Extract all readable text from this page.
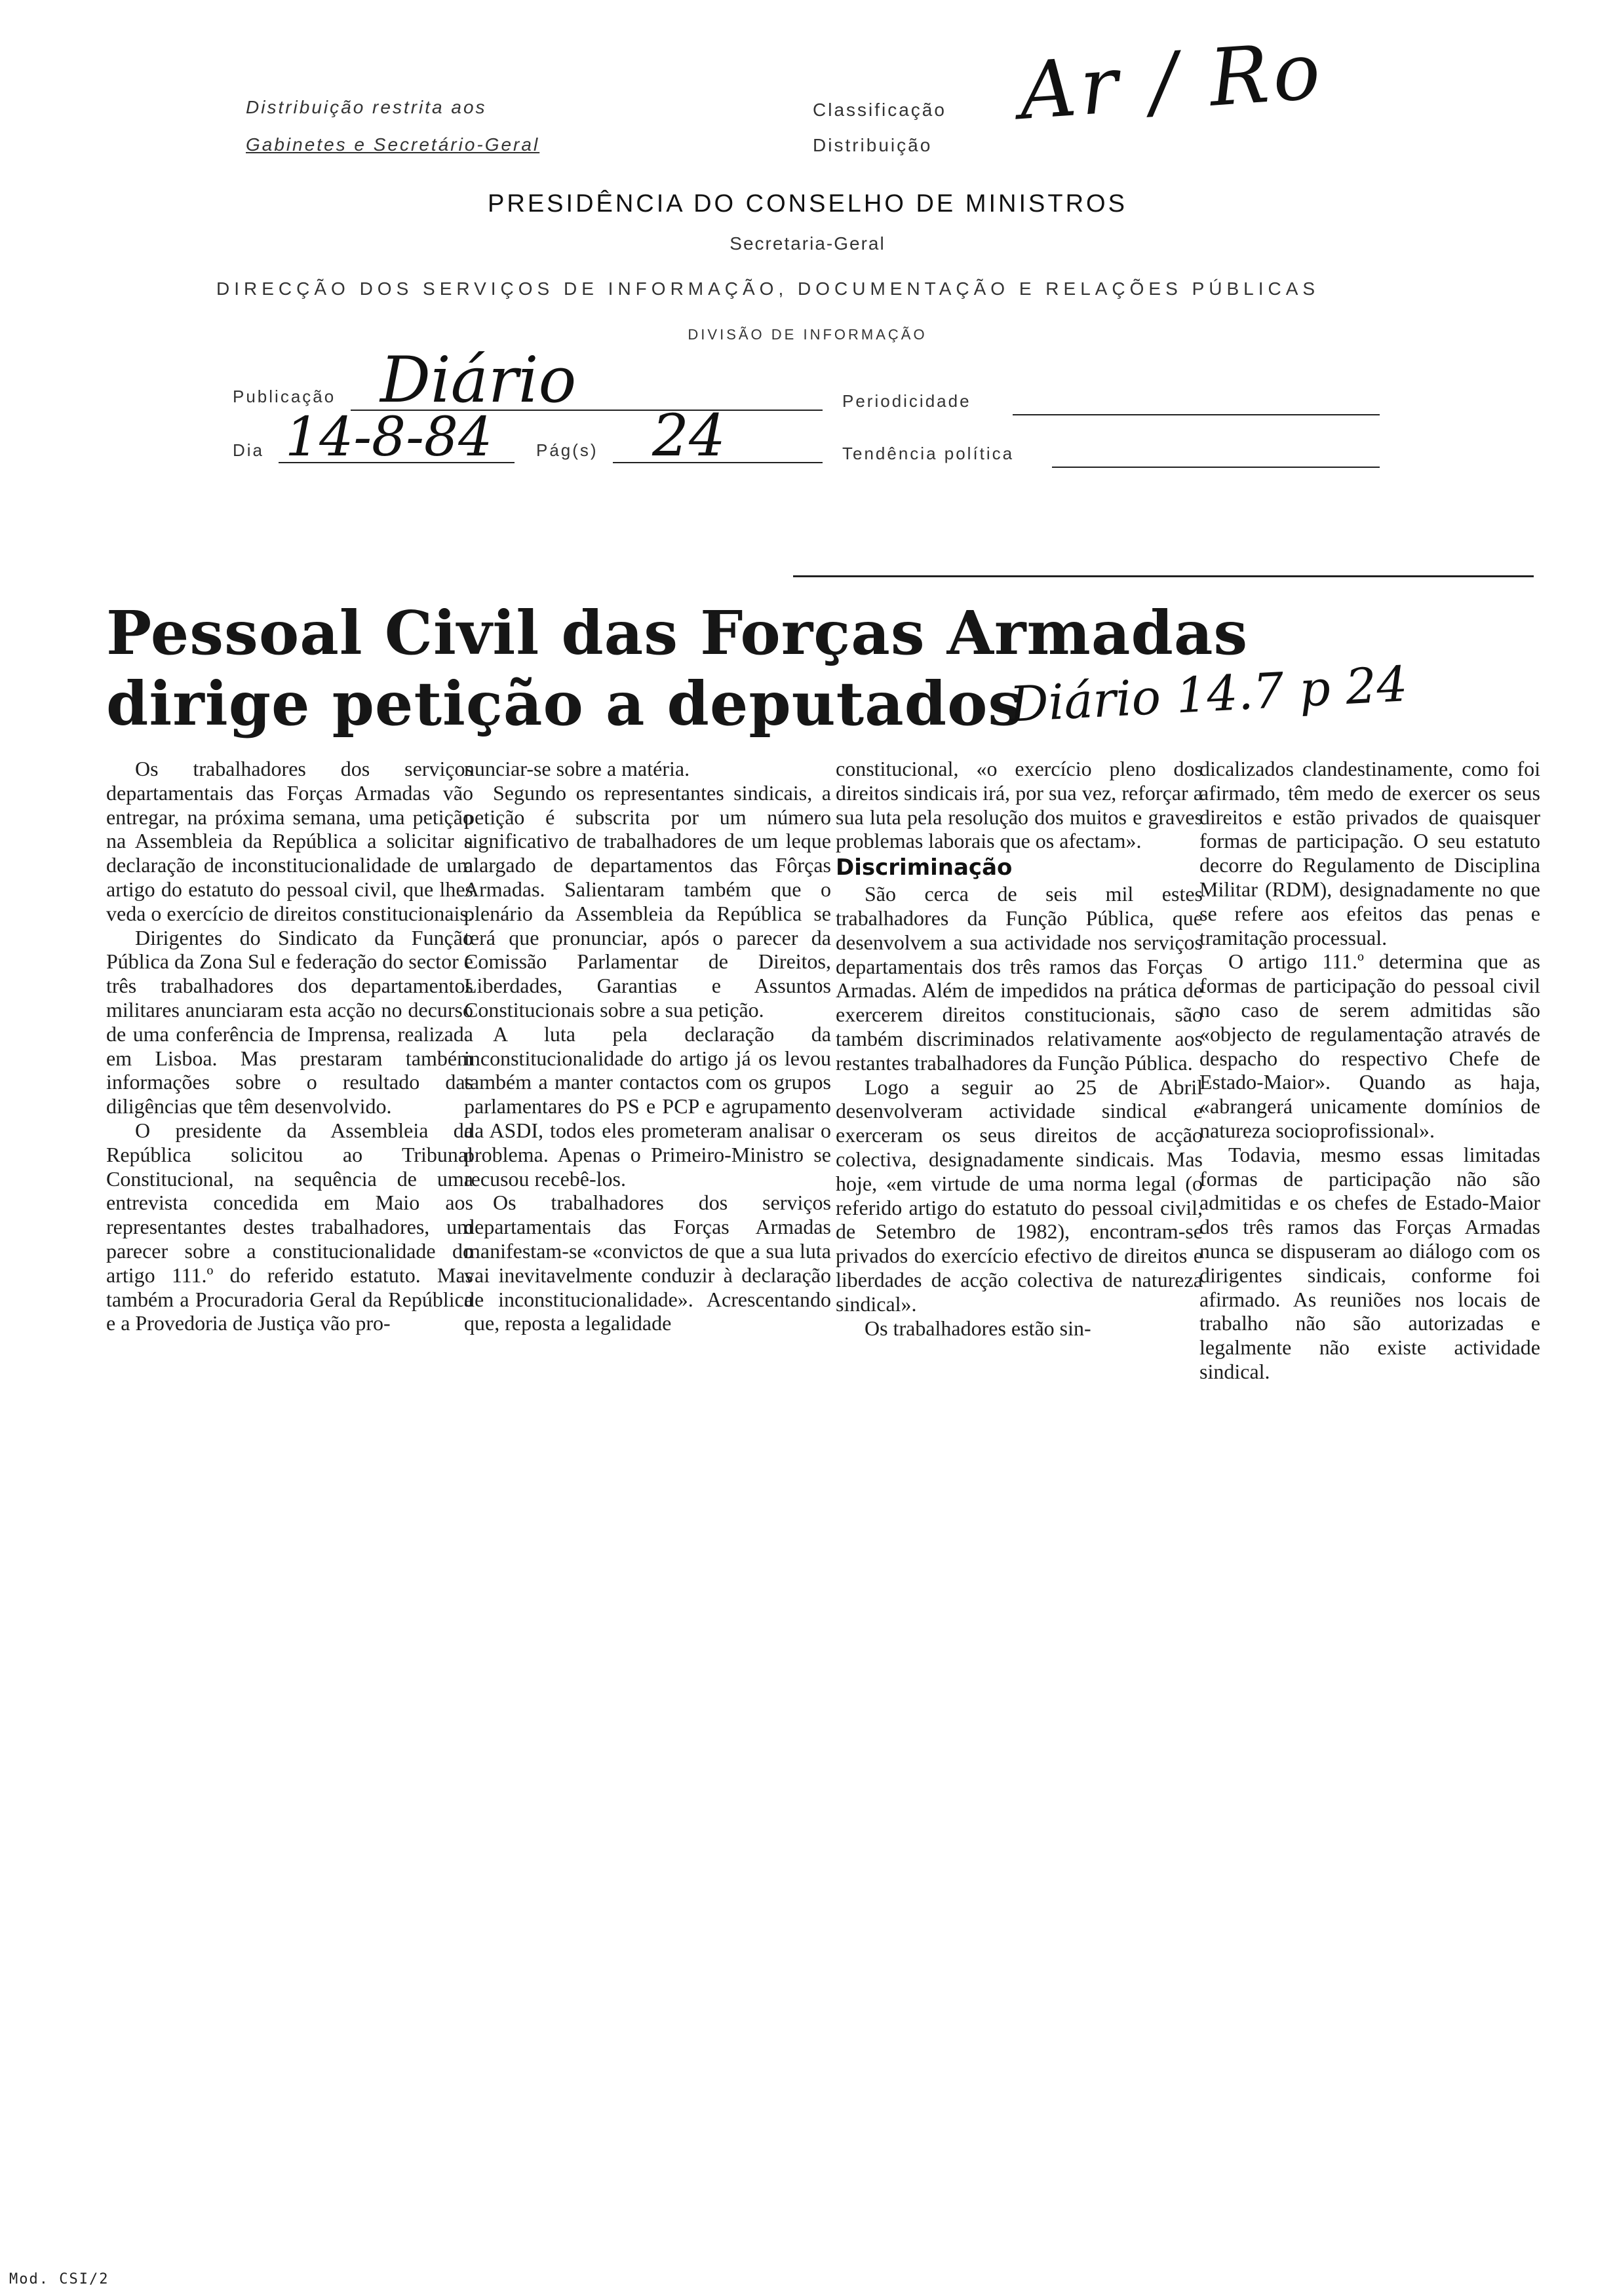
Distribuição restrita aos
Gabinetes e Secretário-Geral
Classificação
Distribuição
Ar / Ro
PRESIDÊNCIA DO CONSELHO DE MINISTROS
Secretaria-Geral
DIRECÇÃO DOS SERVIÇOS DE INFORMAÇÃO, DOCUMENTAÇÃO E RELAÇÕES PÚBLICAS
DIVISÃO DE INFORMAÇÃO
Publicação Diário	Periodicidade
Dia 14-8-84	Pág(s) 24	Tendência política
Pessoal Civil das Forças Armadas
dirige petição a deputados
Diário 14.7 p 24

Os trabalhadores dos serviços departamentais das Forças Armadas vão entregar, na próxima semana, uma petição na Assembleia da República a solicitar a declaração de inconstitucionalidade de um artigo do estatuto do pessoal civil, que lhes veda o exercício de direitos constitucionais.

Dirigentes do Sindicato da Função Pública da Zona Sul e federação do sector e três trabalhadores dos departamentos militares anunciaram esta acção no decurso de uma conferência de Imprensa, realizada em Lisboa. Mas prestaram também informações sobre o resultado das diligências que têm desenvolvido.

O presidente da Assembleia da República solicitou ao Tribunal Constitucional, na sequência de uma entrevista concedida em Maio aos representantes destes trabalhadores, um parecer sobre a constitucionalidade do artigo 111.º do referido estatuto. Mas também a Procuradoria Geral da República e a Provedoria de Justiça vão pro-

nunciar-se sobre a matéria.

Segundo os representantes sindicais, a petição é subscrita por um número significativo de trabalhadores de um leque alargado de departamentos das Fôrças Armadas. Salientaram também que o plenário da Assembleia da República se terá que pronunciar, após o parecer da Comissão Parlamentar de Direitos, Liberdades, Garantias e Assuntos Constitucionais sobre a sua petição.

A luta pela declaração da inconstitucionalidade do artigo já os levou também a manter contactos com os grupos parlamentares do PS e PCP e agrupamento da ASDI, todos eles prometeram analisar o problema. Apenas o Primeiro-Ministro se recusou recebê-los.

Os trabalhadores dos serviços departamentais das Forças Armadas manifestam-se «convictos de que a sua luta vai inevitavelmente conduzir à declaração de inconstitucionalidade». Acrescentando que, reposta a legalidade

constitucional, «o exercício pleno dos direitos sindicais irá, por sua vez, reforçar a sua luta pela resolução dos muitos e graves problemas laborais que os afectam».

Discriminação

São cerca de seis mil estes trabalhadores da Função Pública, que desenvolvem a sua actividade nos serviços departamentais dos três ramos das Forças Armadas. Além de impedidos na prática de exercerem direitos constitucionais, são também discriminados relativamente aos restantes trabalhadores da Função Pública.

Logo a seguir ao 25 de Abril desenvolveram actividade sindical e exerceram os seus direitos de acção colectiva, designadamente sindicais. Mas hoje, «em virtude de uma norma legal (o referido artigo do estatuto do pessoal civil, de Setembro de 1982), encontram-se privados do exercício efectivo de direitos e liberdades de acção colectiva de natureza sindical».

Os trabalhadores estão sin-

dicalizados clandestinamente, como foi afirmado, têm medo de exercer os seus direitos e estão privados de quaisquer formas de participação. O seu estatuto decorre do Regulamento de Disciplina Militar (RDM), designadamente no que se refere aos efeitos das penas e tramitação processual.

O artigo 111.º determina que as formas de participação do pessoal civil no caso de serem admitidas são «objecto de regulamentação através de despacho do respectivo Chefe de Estado-Maior». Quando as haja, «abrangerá unicamente domínios de natureza socioprofissional».

Todavia, mesmo essas limitadas formas de participação não são admitidas e os chefes de Estado-Maior dos três ramos das Forças Armadas nunca se dispuseram ao diálogo com os dirigentes sindicais, conforme foi afirmado. As reuniões nos locais de trabalho não são autorizadas e legalmente não existe actividade sindical.

Mod. CSI/2
